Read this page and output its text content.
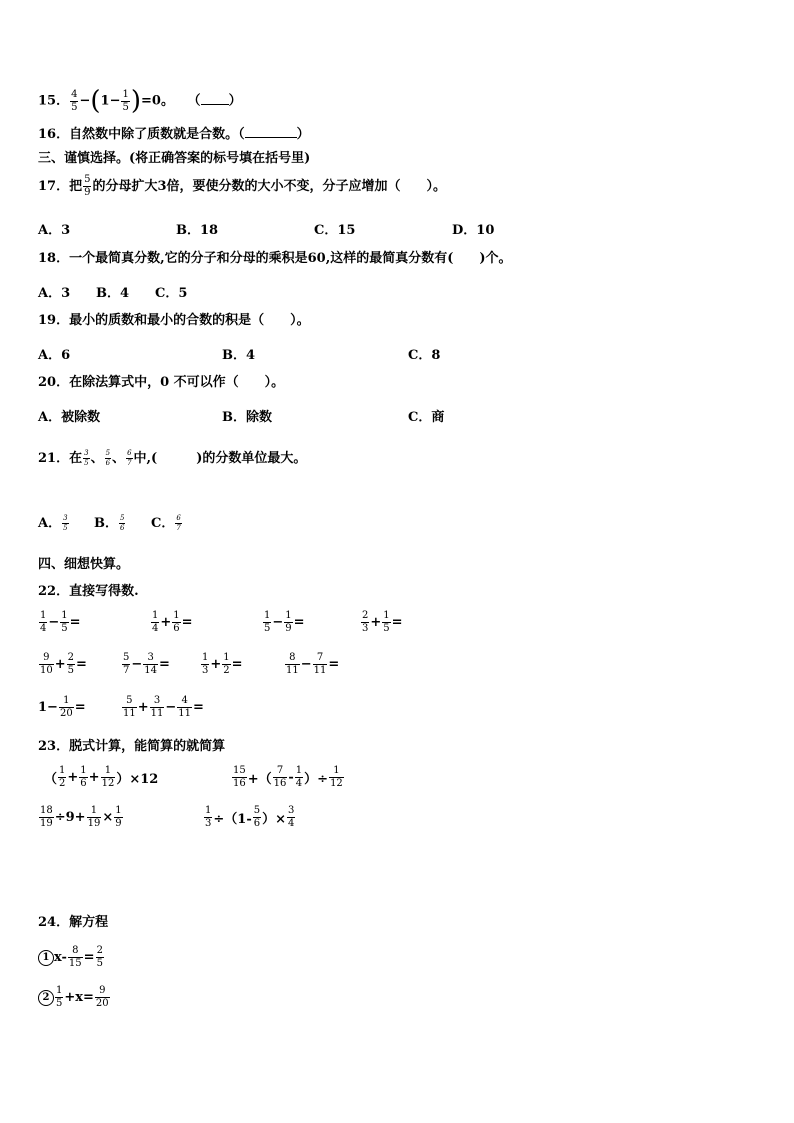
15． $\frac{4}{5} -(1- \frac{1}{5} )=0$。 （ ）
16．自然数中除了质数就是合数。（	）
三、谨慎选择。(将正确答案的标号填在括号里)
17．把 $\frac{5}{9}$ 的分母扩大3倍，要使分数的大小不变，分子应增加（　　）。
A．3	B．18	C．15	D．10
18．一个最简真分数,它的分子和分母的乘积是60,这样的最简真分数有(　　)个。
A．3 B．4 C．5
19．最小的质数和最小的合数的积是（　　）。
A．6	B．4	C．8
20．在除法算式中，0 不可以作（　　）。
A．被除数	B．除数	C．商
21．在 $\frac{3}{5}$ 、 $\frac{5}{6}$ 、 $\frac{6}{7}$ 中,(　　　)的分数单位最大。
A． $\frac{3}{5}$ B． $\frac{5}{6}$ C． $\frac{6}{7}$
四、细想快算。
22．直接写得数.
$\frac{1}{4} - \frac{1}{5}$ =	$\frac{1}{4} + \frac{1}{6}$ =	$\frac{1}{5} - \frac{1}{9}$ =	$\frac{2}{3} + \frac{1}{5}$ =
$\frac{9}{10} + \frac{2}{5}$ =	$\frac{5}{7} - \frac{3}{14}$ =	$\frac{1}{3} + \frac{1}{2}$ =	$\frac{8}{11} - \frac{7}{11}$ =
$1- \frac{1}{20}$ =	$\frac{5}{11} + \frac{3}{11} - \frac{4}{11}$ =
23．脱式计算，能简算的就简算
（ $\frac{1}{2} + \frac{1}{6} + \frac{1}{12} )\times 12$	$\frac{15}{16}$ +（ $\frac{7}{16} - \frac{1}{4}$ ）÷ $\frac{1}{12}$
$\frac{18}{19} \div 9+ \frac{1}{19} \times \frac{1}{9}$	$\frac{1}{3} \div(1- \frac{5}{6}$ ）× $\frac{3}{4}$
24．解方程
1 $x- \frac{8}{15} = \frac{2}{5}$
$2 \frac{1}{5} +x= \frac{9}{20}$
